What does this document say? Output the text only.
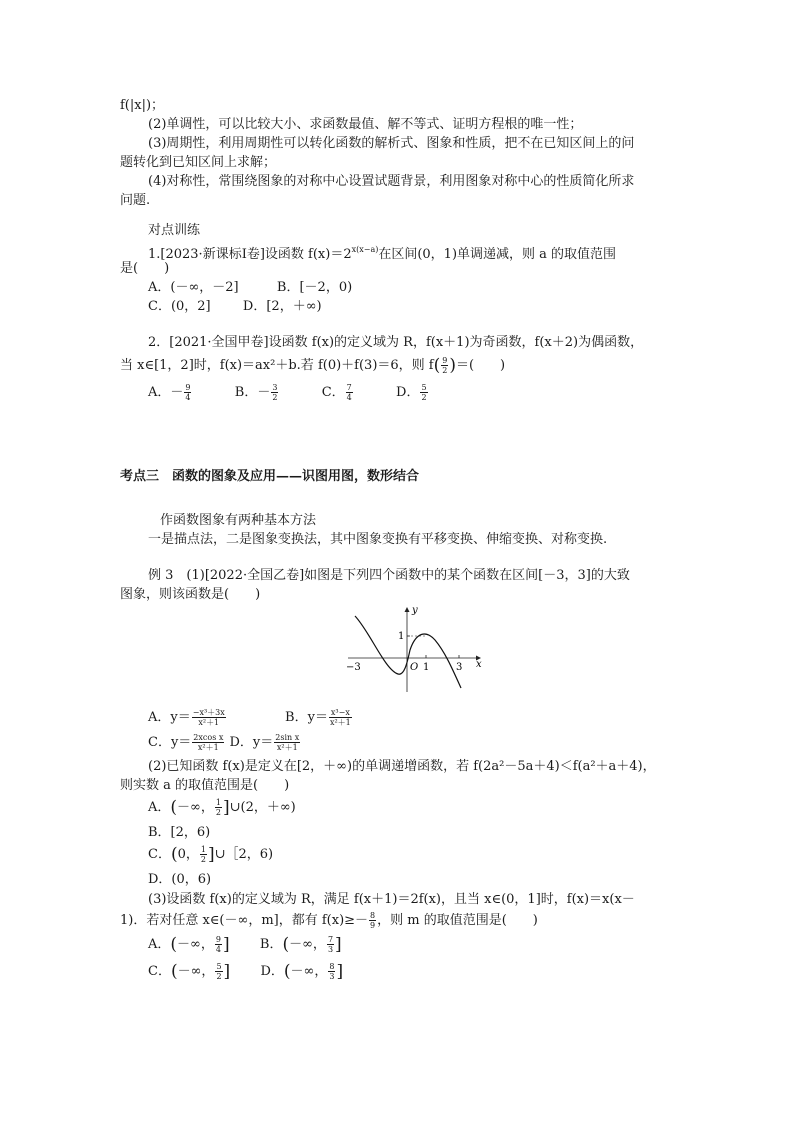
f(|x|)；
(2)单调性，可以比较大小、求函数最值、解不等式、证明方程根的唯一性；
(3)周期性，利用周期性可以转化函数的解析式、图象和性质，把不在已知区间上的问
题转化到已知区间上求解；
(4)对称性，常围绕图象的对称中心设置试题背景，利用图象对称中心的性质简化所求
问题.
对点训练
1.[2023·新课标Ⅰ卷]设函数 $f(x)=2^{x(x-a)}$在区间(0，1)单调递减，则 a 的取值范围
是(　　)
A．(－∞，－2]	B．[－2，0)
C．(0，2] D．[2，＋∞)
2．[2021·全国甲卷]设函数 f(x)的定义域为 R，f(x＋1)为奇函数，f(x＋2)为偶函数，
当 x∈[1，2]时，f(x)＝ax²＋b.若 f(0)＋f(3)＝6，则 $f( \frac{9}{2}$ )＝(　　)
A．－ $\frac{9}{4}$	B．－ $\frac{3}{2}$	C． $\frac{7}{4}$	D． $\frac{5}{2}$
考点三　函数的图象及应用——识图用图，数形结合
作函数图象有两种基本方法
一是描点法，二是图象变换法，其中图象变换有平移变换、伸缩变换、对称变换.
例 3　(1)[2022·全国乙卷]如图是下列四个函数中的某个函数在区间[－3，3]的大致
图象，则该函数是(　　)
y
x
O
1
1	3
−3
A．$y= \frac{\text{−x³＋3x}}{\text{x²＋1}}$	B．$y= \frac{\text{x³−x}}{\text{x²＋1}}$
C．$y= \frac{\text{2xcos x}}{\text{x²＋1}}$ D．$y= \frac{\text{2sin x}}{\text{x²＋1}}$
(2)已知函数 f(x)是定义在[2，＋∞)的单调递增函数，若 f(2a²－5a＋4)＜f(a²＋a＋4)，
则实数 a 的取值范围是(　　)
A．(－∞， $\frac{1}{2}$ ]∪(2，＋∞)
B．[2，6)
C．(0， $\frac{1}{2}$ ]∪［2，6)
D．(0，6)
(3)设函数 f(x)的定义域为 R，满足 f(x＋1)＝2f(x)，且当 x∈(0，1]时，f(x)＝x(x－
1)．若对任意 x∈(－∞，m]，都有 $f(x)\ge- \frac{8}{9}$ ，则 m 的取值范围是(　　)
A．(－∞， $\frac{9}{4}$ ] B．(－∞， $\frac{7}{3}$ ]
C．(－∞， $\frac{5}{2}$ ] D．(－∞， $\frac{8}{3}$ ]
